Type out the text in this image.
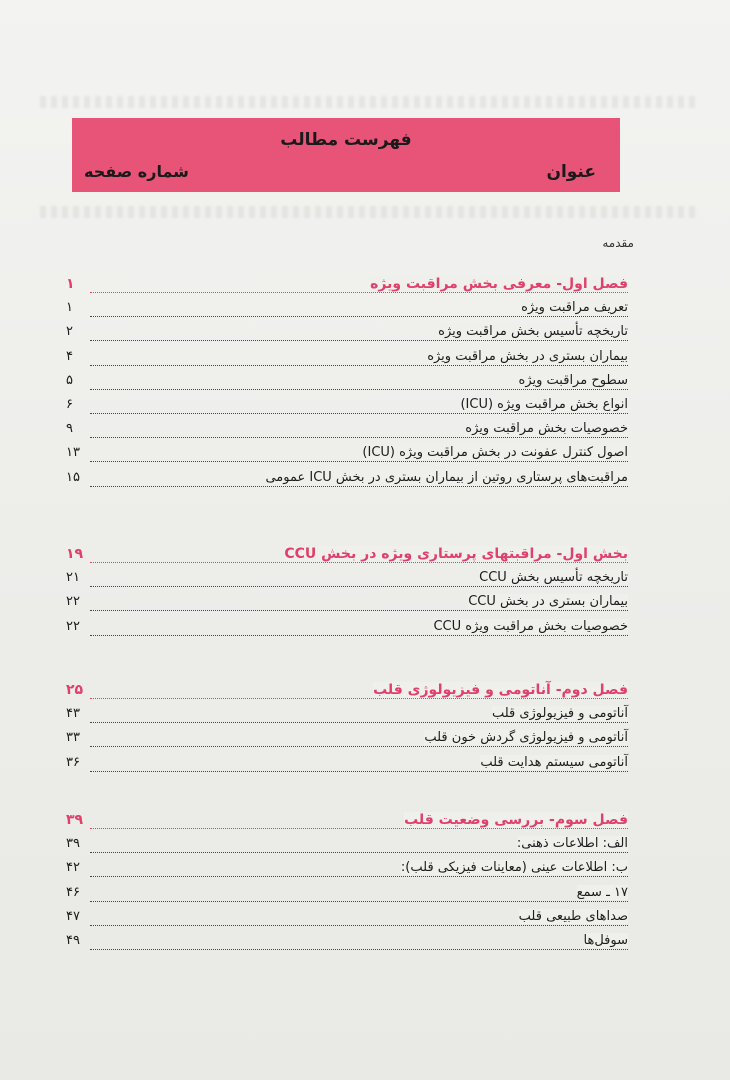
فهرست مطالب
عنوان
شماره صفحه
مقدمه
فصل اول- معرفی بخش مراقبت ویژه
۱
تعریف مراقبت ویژه
۱
تاریخچه تأسیس بخش مراقبت ویژه
۲
بیماران بستری در بخش مراقبت ویژه
۴
سطوح مراقبت ویژه
۵
انواع بخش مراقبت ویژه (ICU)
۶
خصوصیات بخش مراقبت ویژه
۹
اصول کنترل عفونت در بخش مراقبت ویژه (ICU)
۱۳
مراقبت‌های پرستاری روتین از بیماران بستری در بخش ICU عمومی
۱۵
بخش اول- مراقبتهای پرستاری ویژه در بخش CCU
۱۹
تاریخچه تأسیس بخش CCU
۲۱
بیماران بستری در بخش CCU
۲۲
خصوصیات بخش مراقبت ویژه CCU
۲۲
فصل دوم- آناتومی و فیزیولوژی قلب
۲۵
آناتومی و فیزیولوژی قلب
۴۳
آناتومی و فیزیولوژی گردش خون قلب
۳۳
آناتومی سیستم هدایت قلب
۳۶
فصل سوم- بررسی وضعیت قلب
۳۹
الف: اطلاعات ذهنی:
۳۹
ب: اطلاعات عینی (معاینات فیزیکی قلب):
۴۲
۱۷ ـ سمع
۴۶
صداهای طبیعی قلب
۴۷
سوفل‌ها
۴۹
